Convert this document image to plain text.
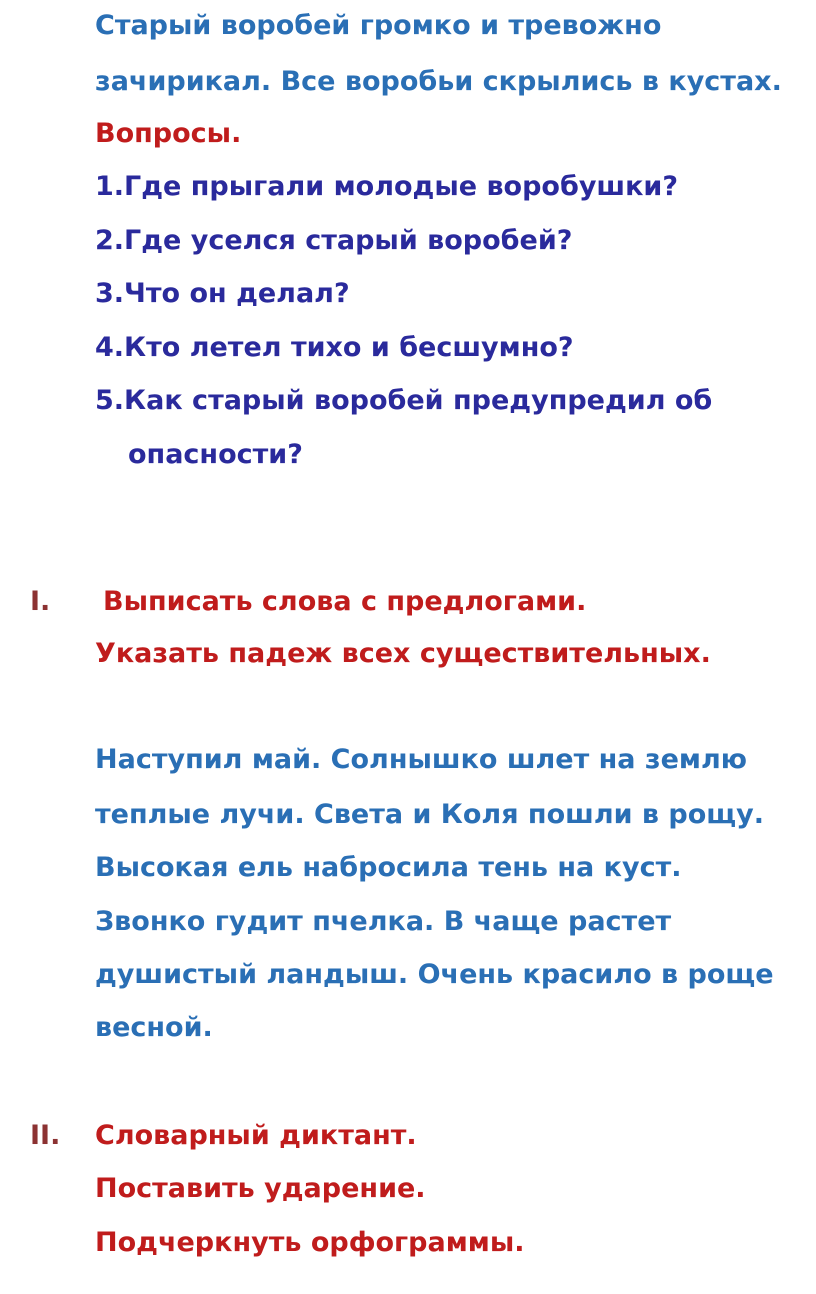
Старый воробей громко и тревожно
зачирикал. Все воробьи скрылись в кустах.
Вопросы.
1.Где прыгали молодые воробушки?
2.Где уселся старый воробей?
3.Что он делал?
4.Кто летел тихо и бесшумно?
5.Как старый воробей предупредил об
опасности?
I. Выписать слова с предлогами.
Указать падеж всех существительных.
Наступил май. Солнышко шлет на землю
теплые лучи. Света и Коля пошли в рощу.
Высокая ель набросила тень на куст.
Звонко гудит пчелка. В чаще растет
душистый ландыш. Очень красило в роще
весной.
II. Словарный диктант.
Поставить ударение.
Подчеркнуть орфограммы.
